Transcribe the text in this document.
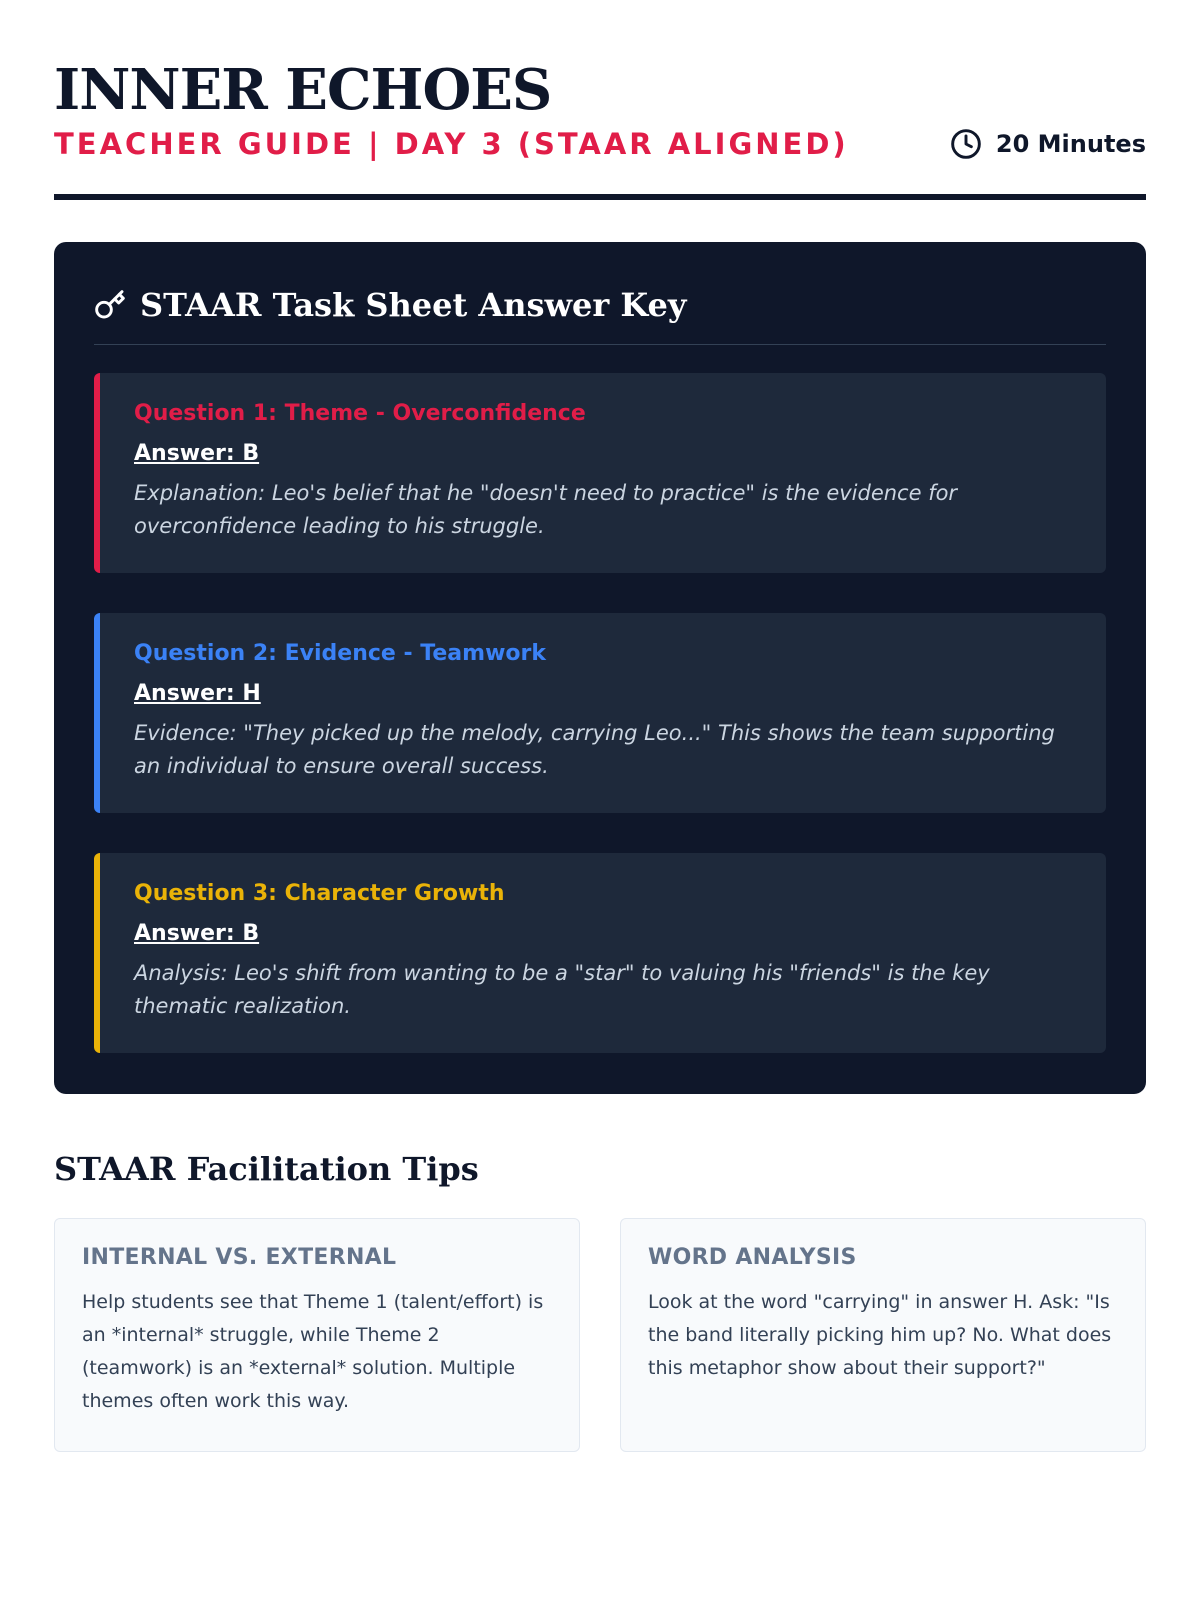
INNER ECHOES
TEACHER GUIDE | DAY 3 (STAAR ALIGNED)	20 Minutes
STAAR Task Sheet Answer Key
Question 1: Theme - Overconfidence
Answer: B
Explanation: Leo's belief that he "doesn't need to practice" is the evidence for overconfidence leading to his struggle.
Question 2: Evidence - Teamwork
Answer: H
Evidence: "They picked up the melody, carrying Leo..." This shows the team supporting an individual to ensure overall success.
Question 3: Character Growth
Answer: B
Analysis: Leo's shift from wanting to be a "star" to valuing his "friends" is the key thematic realization.
STAAR Facilitation Tips
INTERNAL VS. EXTERNAL
Help students see that Theme 1 (talent/effort) is an *internal* struggle, while Theme 2 (teamwork) is an *external* solution. Multiple themes often work this way.
WORD ANALYSIS
Look at the word "carrying" in answer H. Ask: "Is the band literally picking him up? No. What does this metaphor show about their support?"
